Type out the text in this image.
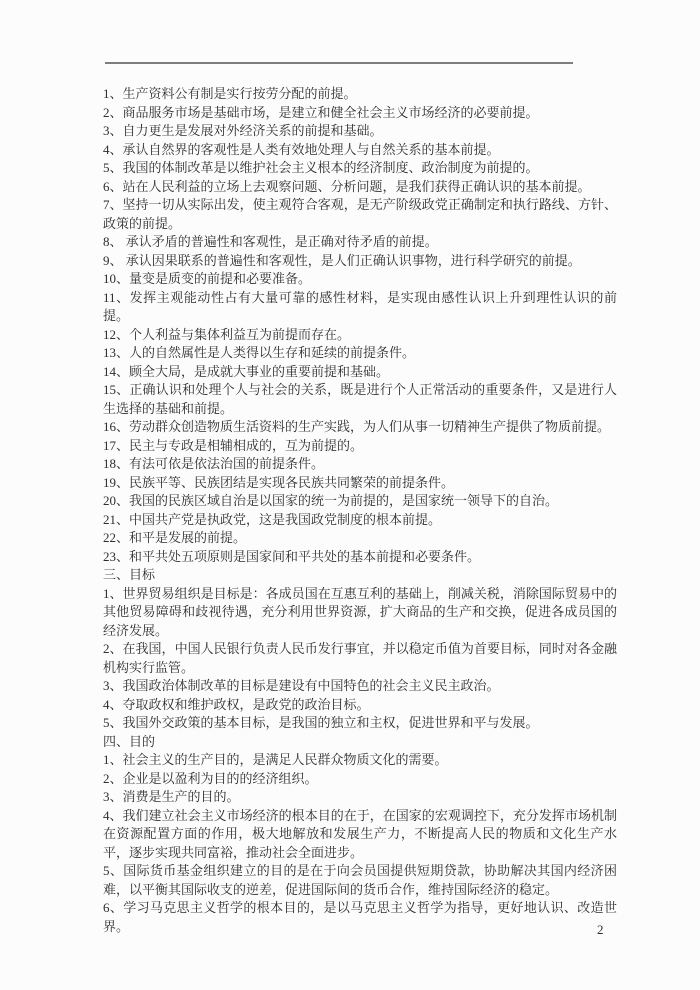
1、生产资料公有制是实行按劳分配的前提。

2、商品服务市场是基础市场，是建立和健全社会主义市场经济的必要前提。

3、自力更生是发展对外经济关系的前提和基础。

4、承认自然界的客观性是人类有效地处理人与自然关系的基本前提。

5、我国的体制改革是以维护社会主义根本的经济制度、政治制度为前提的。

6、站在人民利益的立场上去观察问题、分析问题，是我们获得正确认识的基本前提。

7、坚持一切从实际出发，使主观符合客观，是无产阶级政党正确制定和执行路线、方针、政策的前提。

8、 承认矛盾的普遍性和客观性，是正确对待矛盾的前提。

9、 承认因果联系的普遍性和客观性，是人们正确认识事物，进行科学研究的前提。

10、量变是质变的前提和必要准备。

11、发挥主观能动性占有大量可靠的感性材料，是实现由感性认识上升到理性认识的前提。

12、个人利益与集体利益互为前提而存在。

13、人的自然属性是人类得以生存和延续的前提条件。

14、顾全大局，是成就大事业的重要前提和基础。

15、正确认识和处理个人与社会的关系，既是进行个人正常活动的重要条件，又是进行人生选择的基础和前提。

16、劳动群众创造物质生活资料的生产实践，为人们从事一切精神生产提供了物质前提。

17、民主与专政是相辅相成的，互为前提的。

18、有法可依是依法治国的前提条件。

19、民族平等、民族团结是实现各民族共同繁荣的前提条件。

20、我国的民族区域自治是以国家的统一为前提的，是国家统一领导下的自治。

21、中国共产党是执政党，这是我国政党制度的根本前提。

22、和平是发展的前提。

23、和平共处五项原则是国家间和平共处的基本前提和必要条件。

三、目标

1、世界贸易组织是目标是：各成员国在互惠互利的基础上，削减关税，消除国际贸易中的其他贸易障碍和歧视待遇，充分利用世界资源，扩大商品的生产和交换，促进各成员国的经济发展。

2、在我国，中国人民银行负责人民币发行事宜，并以稳定币值为首要目标，同时对各金融机构实行监管。

3、我国政治体制改革的目标是建设有中国特色的社会主义民主政治。

4、夺取政权和维护政权，是政党的政治目标。

5、我国外交政策的基本目标，是我国的独立和主权，促进世界和平与发展。

四、目的

1、社会主义的生产目的，是满足人民群众物质文化的需要。

2、企业是以盈利为目的的经济组织。

3、消费是生产的目的。

4、我们建立社会主义市场经济的根本目的在于，在国家的宏观调控下，充分发挥市场机制在资源配置方面的作用，极大地解放和发展生产力，不断提高人民的物质和文化生产水平，逐步实现共同富裕，推动社会全面进步。

5、国际货币基金组织建立的目的是在于向会员国提供短期贷款，协助解决其国内经济困难，以平衡其国际收支的逆差，促进国际间的货币合作，维持国际经济的稳定。

6、学习马克思主义哲学的根本目的，是以马克思主义哲学为指导，更好地认识、改造世界。	2
